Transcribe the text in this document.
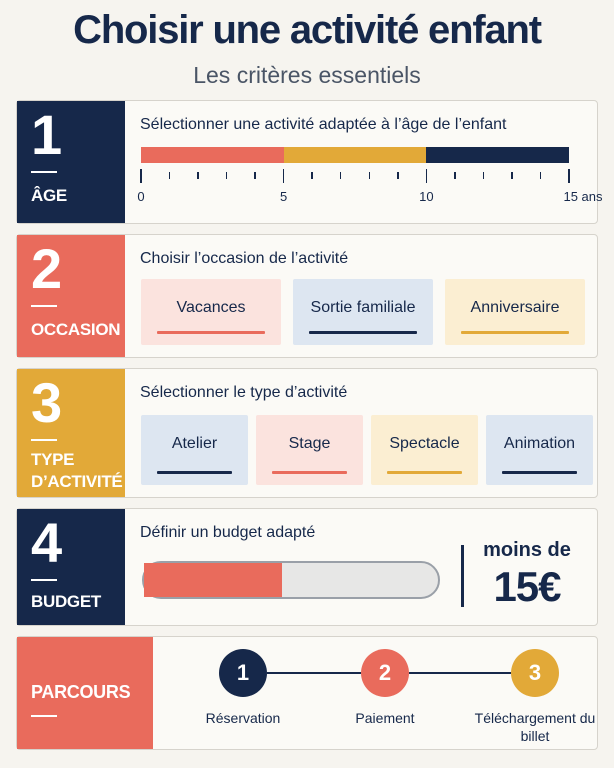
Choisir une activité enfant
Les critères essentiels
1
ÂGE
Sélectionner une activité adaptée à l’âge de l’enfant
0	5	10	15 ans
2
OCCASION
Choisir l’occasion de l’activité
Vacances	Sortie familiale	Anniversaire
3
TYPE
D’ACTIVITÉ
Sélectionner le type d’activité
Atelier	Stage	Spectacle	Animation
4
BUDGET
Définir un budget adapté
moins de
15€
PARCOURS
1
Réservation
2
Paiement
3
Téléchargement du billet
